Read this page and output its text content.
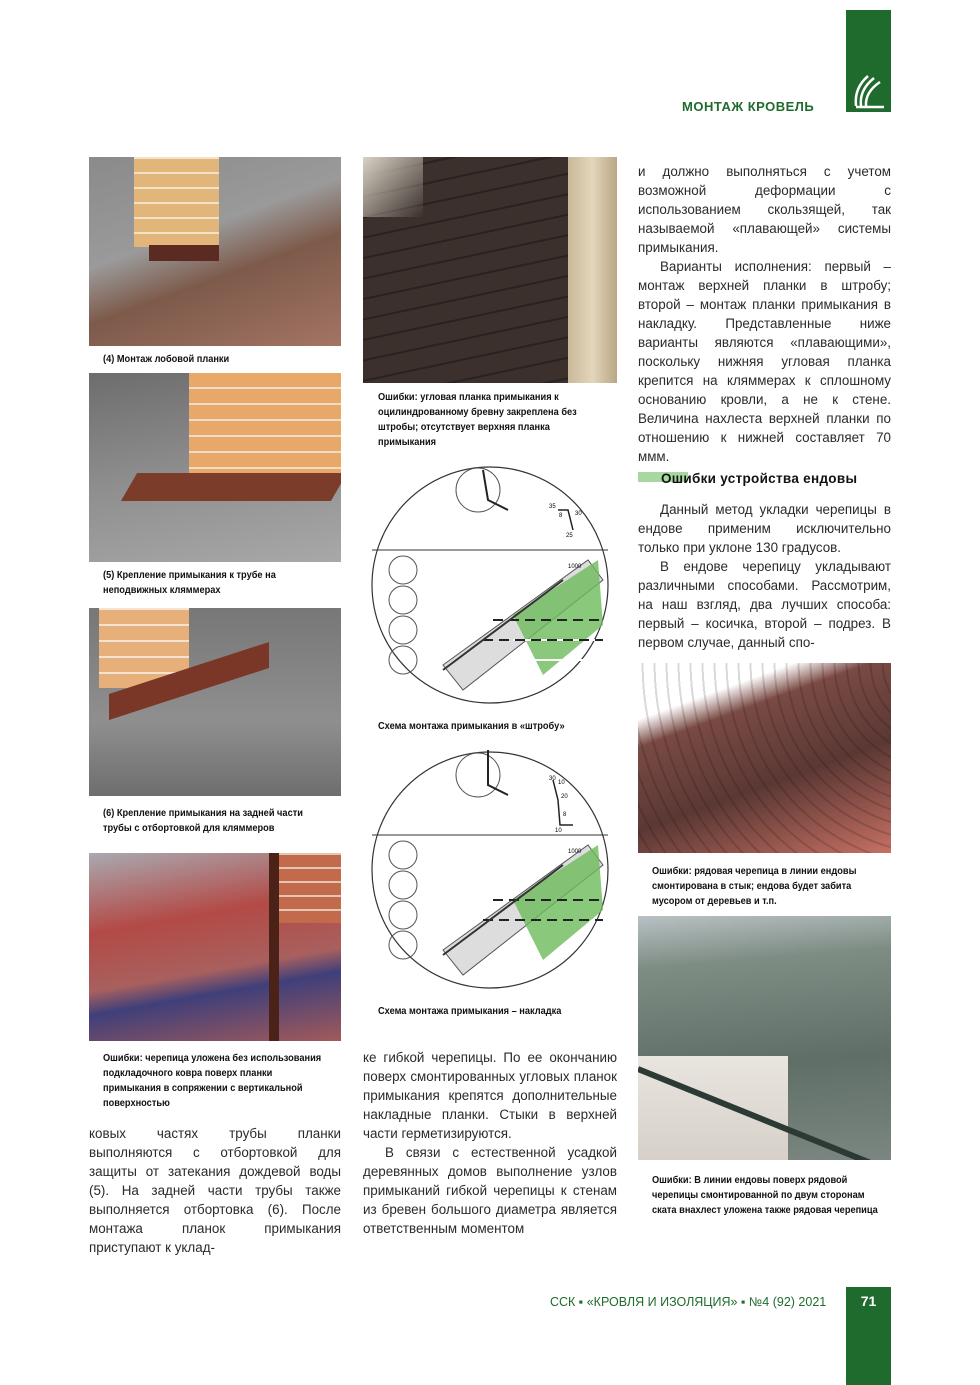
МОНТАЖ КРОВЕЛЬ
(4) Монтаж лобовой планки
(5) Крепление примыкания к трубе на неподвижных кляммерах
(6) Крепление примыкания на задней части трубы с отбортовкой для кляммеров
Ошибки: черепица уложена без использования подкладочного ковра поверх планки примыкания в сопряжении с вертикальной поверхностью

ковых частях трубы планки выполняются с отбортовкой для защиты от затекания дождевой воды (5). На задней части трубы также выполняется отбортовка (6). После монтажа планок примыкания приступают к уклад-

Ошибки: угловая планка примыкания к оцилиндрованному бревну закреплена без штробы; отсутствует верхняя планка примыкания
35
8 30
25
1000
Схема монтажа примыкания в «штробу»
30
10
20
8
10
1000
Схема монтажа примыкания – накладка

ке гибкой черепицы. По ее окончанию поверх смонтированных угловых планок примыкания крепятся дополнительные накладные планки. Стыки в верхней части герметизируются.

В связи с естественной усадкой деревянных домов выполнение узлов примыканий гибкой черепицы к стенам из бревен большого диаметра является ответственным моментом

и должно выполняться с учетом возможной деформации с использованием скользящей, так называемой «плавающей» системы примыкания.

Варианты исполнения: первый – монтаж верхней планки в штробу; второй – монтаж планки примыкания в накладку. Представленные ниже варианты являются «плавающими», поскольку нижняя угловая планка крепится на кляммерах к сплошному основанию кровли, а не к стене. Величина нахлеста верхней планки по отношению к нижней составляет 70 ммм.

Ошибки устройства ендовы

Данный метод укладки черепицы в ендове применим исключительно только при уклоне 130 градусов.

В ендове черепицу укладывают различными способами. Рассмотрим, на наш взгляд, два лучших способа: первый – косичка, второй – подрез. В первом случае, данный спо-

Ошибки: рядовая черепица в линии ендовы смонтирована в стык; ендова будет забита мусором от деревьев и т.п.
Ошибки: В линии ендовы поверх рядовой черепицы смонтированной по двум сторонам ската внахлест уложена также рядовая черепица
ССК ▪ «КРОВЛЯ И ИЗОЛЯЦИЯ» ▪ №4 (92) 2021	71
